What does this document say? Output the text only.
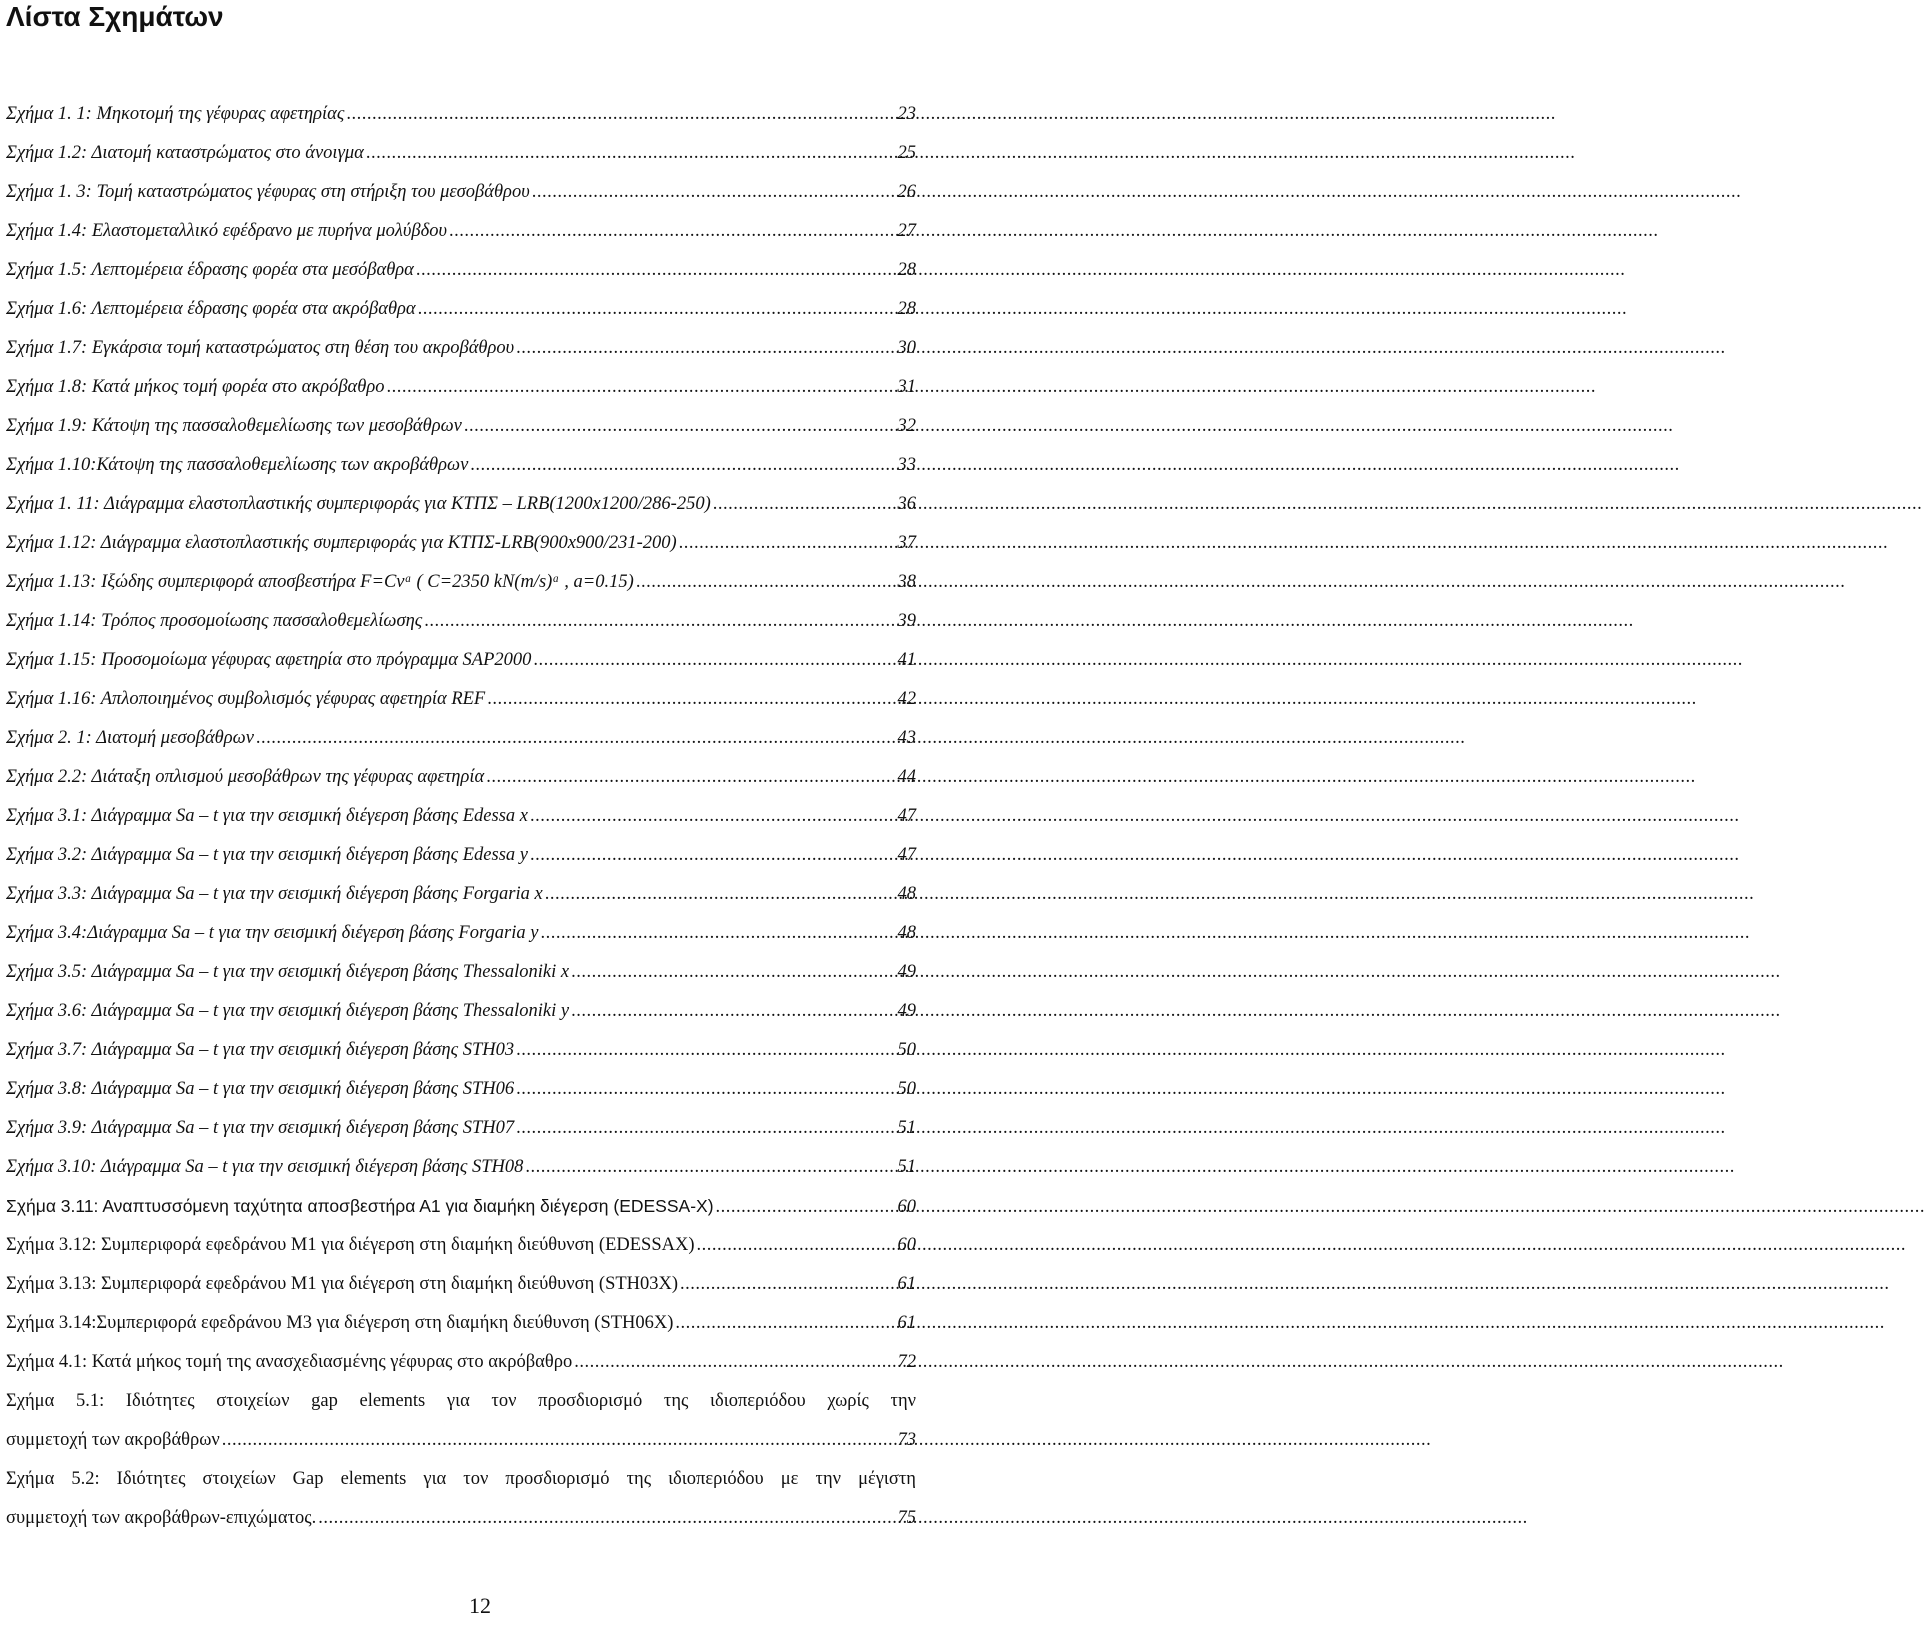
Λίστα Σχημάτων
Σχήμα 1. 1: Μηκοτομή της γέφυρας αφετηρίας .....	23
Σχήμα 1.2: Διατομή καταστρώματος στο άνοιγμα .....	25
Σχήμα 1. 3: Τομή καταστρώματος γέφυρας στη στήριξη του μεσοβάθρου .....	26
Σχήμα 1.4: Ελαστομεταλλικό εφέδρανο με πυρήνα μολύβδου .....	27
Σχήμα 1.5: Λεπτομέρεια έδρασης φορέα στα μεσόβαθρα .....	28
Σχήμα 1.6: Λεπτομέρεια έδρασης φορέα στα ακρόβαθρα .....	28
Σχήμα 1.7: Εγκάρσια τομή καταστρώματος στη θέση του ακροβάθρου .....	30
Σχήμα 1.8: Κατά μήκος τομή φορέα στο ακρόβαθρο .....	31
Σχήμα 1.9: Κάτοψη της πασσαλοθεμελίωσης των μεσοβάθρων .....	32
Σχήμα 1.10:Κάτοψη της πασσαλοθεμελίωσης των ακροβάθρων .....	33
Σχήμα 1. 11: Διάγραμμα ελαστοπλαστικής συμπεριφοράς για ΚΤΠΣ – LRB(1200x1200/286-250) .....	36
Σχήμα 1.12: Διάγραμμα ελαστοπλαστικής συμπεριφοράς για ΚΤΠΣ-LRB(900x900/231-200) .....	37
Σχήμα 1.13: Ιξώδης συμπεριφορά αποσβεστήρα F=Cvᵃ ( C=2350 kN(m/s)ᵃ , a=0.15) .....	38
Σχήμα 1.14: Τρόπος προσομοίωσης πασσαλοθεμελίωσης .....	39
Σχήμα 1.15: Προσομοίωμα γέφυρας αφετηρία στο πρόγραμμα SAP2000 .....	41
Σχήμα 1.16: Απλοποιημένος συμβολισμός γέφυρας αφετηρία REF .....	42
Σχήμα 2. 1: Διατομή μεσοβάθρων .....	43
Σχήμα 2.2: Διάταξη οπλισμού μεσοβάθρων της γέφυρας αφετηρία .....	44
Σχήμα 3.1: Διάγραμμα Sa – t για την σεισμική διέγερση βάσης Edessa x .....	47
Σχήμα 3.2: Διάγραμμα Sa – t για την σεισμική διέγερση βάσης Edessa y .....	47
Σχήμα 3.3: Διάγραμμα Sa – t για την σεισμική διέγερση βάσης Forgaria x .....	48
Σχήμα 3.4:Διάγραμμα Sa – t για την σεισμική διέγερση βάσης Forgaria y .....	48
Σχήμα 3.5: Διάγραμμα Sa – t για την σεισμική διέγερση βάσης Thessaloniki x .....	49
Σχήμα 3.6: Διάγραμμα Sa – t για την σεισμική διέγερση βάσης Thessaloniki y .....	49
Σχήμα 3.7: Διάγραμμα Sa – t για την σεισμική διέγερση βάσης STH03 .....	50
Σχήμα 3.8: Διάγραμμα Sa – t για την σεισμική διέγερση βάσης STH06 .....	50
Σχήμα 3.9: Διάγραμμα Sa – t για την σεισμική διέγερση βάσης STH07 .....	51
Σχήμα 3.10: Διάγραμμα Sa – t για την σεισμική διέγερση βάσης STH08 .....	51
Σχήμα 3.11: Αναπτυσσόμενη ταχύτητα αποσβεστήρα Α1 για διαμήκη διέγερση (EDESSA-X) .....	60
Σχήμα 3.12: Συμπεριφορά εφεδράνου Μ1 για διέγερση στη διαμήκη διεύθυνση (EDESSAX) .....	60
Σχήμα 3.13: Συμπεριφορά εφεδράνου Μ1 για διέγερση στη διαμήκη διεύθυνση (STH03X) .....	61
Σχήμα 3.14:Συμπεριφορά εφεδράνου Μ3 για διέγερση στη διαμήκη διεύθυνση (STH06X) .....	61
Σχήμα 4.1: Κατά μήκος τομή της ανασχεδιασμένης γέφυρας στο ακρόβαθρο .....	72
Σχήμα 5.1: Ιδιότητες στοιχείων gap elements για τον προσδιορισμό της ιδιοπεριόδου χωρίς την
συμμετοχή των ακροβάθρων .....	73
Σχήμα 5.2: Ιδιότητες στοιχείων Gap elements για τον προσδιορισμό της ιδιοπεριόδου με την μέγιστη
συμμετοχή των ακροβάθρων-επιχώματος. .....	75
12
